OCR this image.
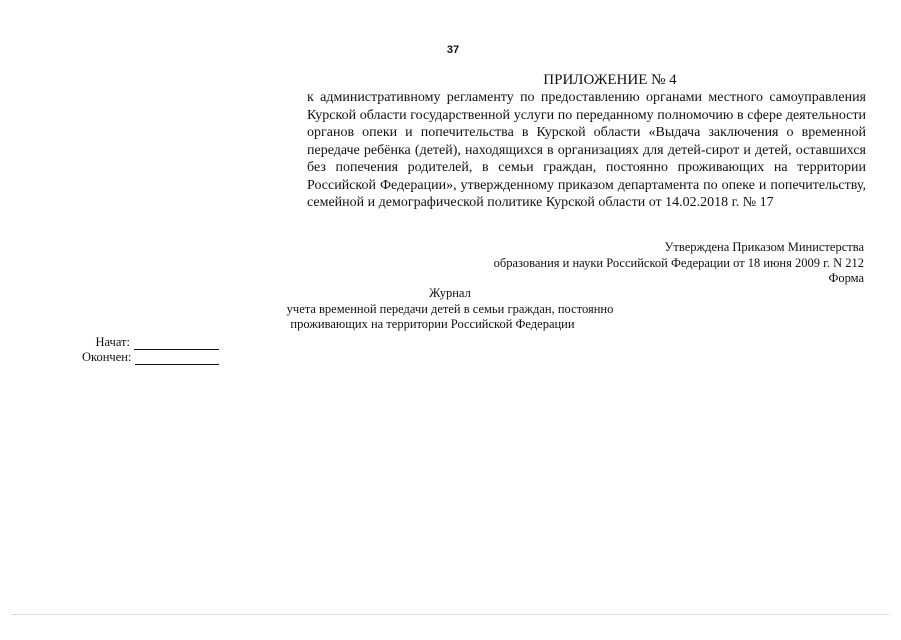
37
ПРИЛОЖЕНИЕ № 4

к административному регламенту по предоставлению органами местного самоуправления Курской области государственной услуги по переданному полномочию в сфере деятельности органов опеки и попечительства в Курской области «Выдача заключения о временной передаче ребёнка (детей), находящихся в организациях для детей-сирот и детей, оставшихся без попечения родителей, в семьи граждан, постоянно проживающих на территории Российской Федерации», утвержденному приказом департамента по опеке и попечительству, семейной и демографической политике Курской области от 14.02.2018 г. № 17

Утверждена Приказом Министерства
образования и науки Российской Федерации от 18 июня 2009 г. N 212
Форма
Журнал
учета временной передачи детей в семьи граждан, постоянно
проживающих на территории Российской Федерации
Начат:
Окончен:
